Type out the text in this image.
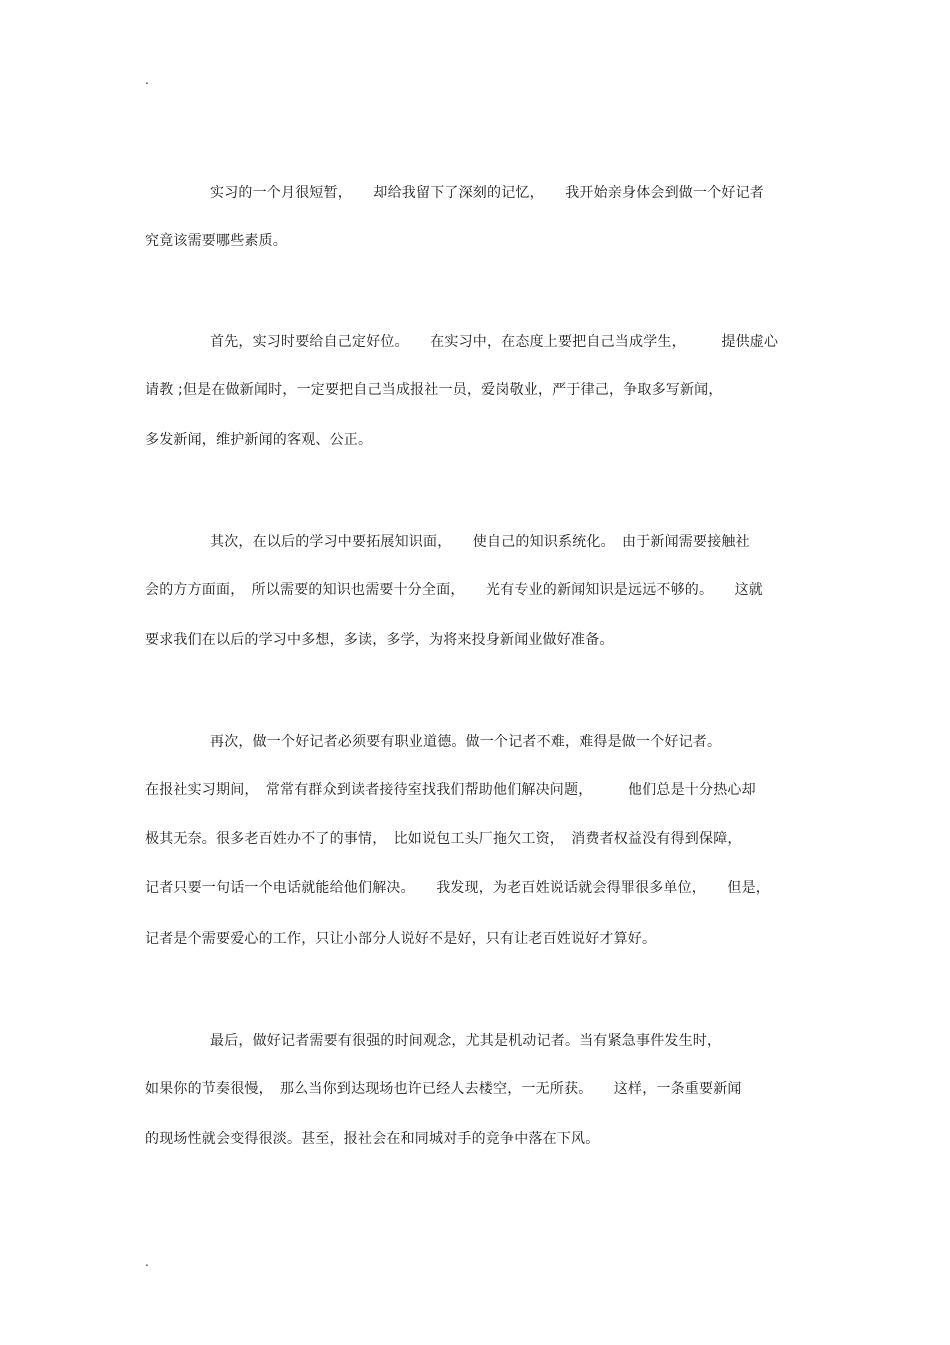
.
实习的一个月很短暂，　　却给我留下了深刻的记忆，　　我开始亲身体会到做一个好记者
究竟该需要哪些素质。
首先，实习时要给自己定好位。　　在实习中，在态度上要把自己当成学生，　　　提供虚心
请教 ;但是在做新闻时，一定要把自己当成报社一员，爱岗敬业，严于律己，争取多写新闻，
多发新闻，维护新闻的客观、公正。
其次，在以后的学习中要拓展知识面，　　使自己的知识系统化。　由于新闻需要接触社
会的方方面面，　所以需要的知识也需要十分全面，　　光有专业的新闻知识是远远不够的。　　这就
要求我们在以后的学习中多想，多读，多学，为将来投身新闻业做好准备。
再次，做一个好记者必须要有职业道德。做一个记者不难，难得是做一个好记者。
在报社实习期间，　常常有群众到读者接待室找我们帮助他们解决问题，　　　他们总是十分热心却
极其无奈。很多老百姓办不了的事情，　比如说包工头厂拖欠工资，　消费者权益没有得到保障，
记者只要一句话一个电话就能给他们解决。　　我发现，为老百姓说话就会得罪很多单位，　　但是，
记者是个需要爱心的工作，只让小部分人说好不是好，只有让老百姓说好才算好。
最后，做好记者需要有很强的时间观念，尤其是机动记者。当有紧急事件发生时，
如果你的节奏很慢，　那么当你到达现场也许已经人去楼空，一无所获。　　这样，一条重要新闻
的现场性就会变得很淡。甚至，报社会在和同城对手的竞争中落在下风。
.
